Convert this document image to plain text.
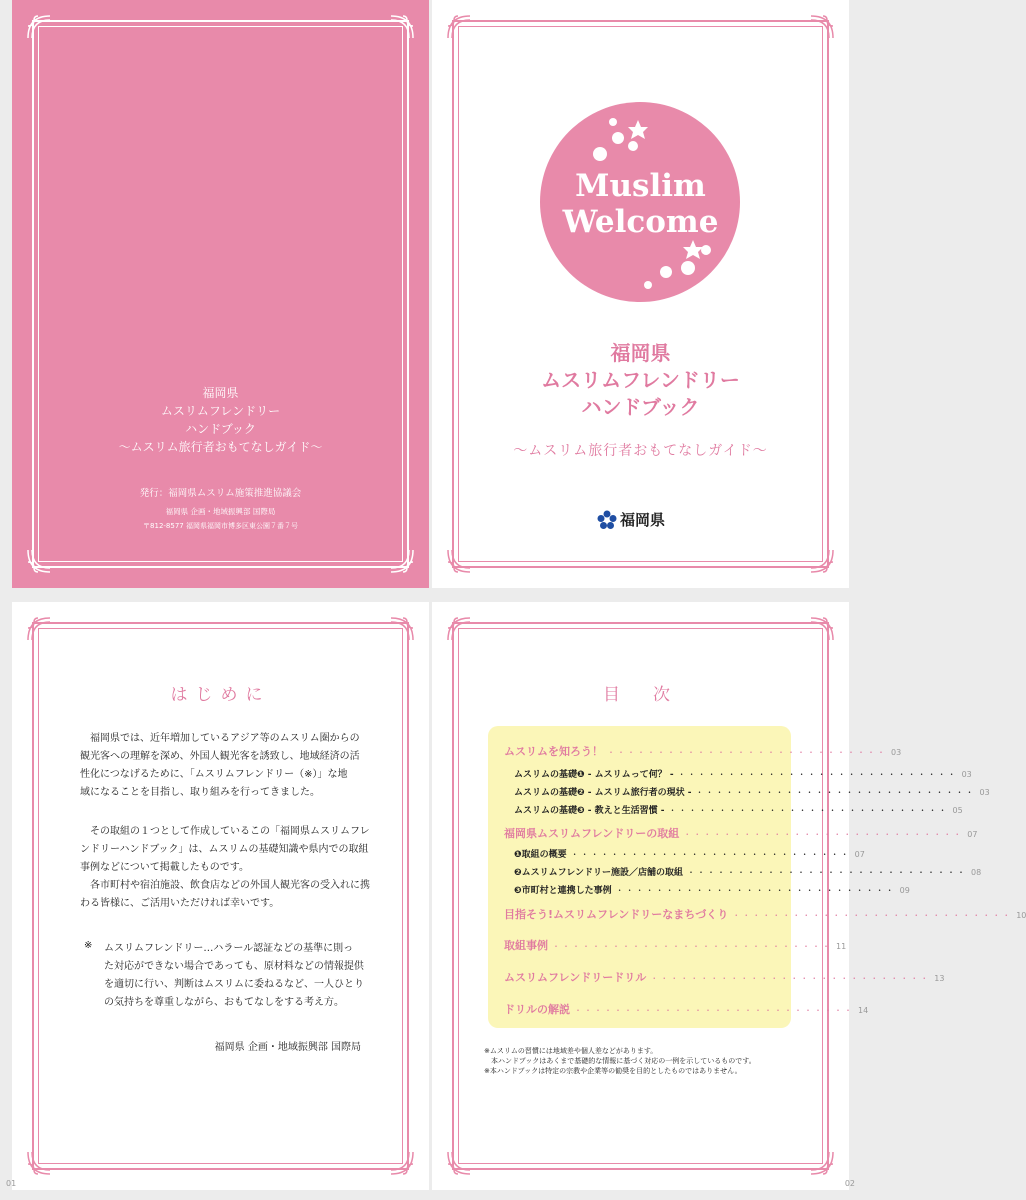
福岡県
ムスリムフレンドリー
ハンドブック
～ムスリム旅行者おもてなしガイド～
発行：福岡県ムスリム施策推進協議会
福岡県 企画・地域振興部 国際局
〒812-8577 福岡県福岡市博多区東公園７番７号
Muslim
Welcome
福岡県
ムスリムフレンドリー
ハンドブック
～ムスリム旅行者おもてなしガイド～
福岡県
はじめに
　福岡県では、近年増加しているアジア等のムスリム圏からの
観光客への理解を深め、外国人観光客を誘致し、地域経済の活
性化につなげるために、「ムスリムフレンドリー（※）」な地
域になることを目指し、取り組みを行ってきました。
　その取組の１つとして作成しているこの「福岡県ムスリムフレ
ンドリーハンドブック」は、ムスリムの基礎知識や県内での取組
事例などについて掲載したものです。
　各市町村や宿泊施設、飲食店などの外国人観光客の受入れに携
わる皆様に、ご活用いただければ幸いです。
※ ムスリムフレンドリー…ハラール認証などの基準に則っ
た対応ができない場合であっても、原材料などの情報提供
を適切に行い、判断はムスリムに委ねるなど、一人ひとり
の気持ちを尊重しながら、おもてなしをする考え方。
福岡県 企画・地域振興部 国際局
01
目　次
ムスリムを知ろう！ ・・・・・・・・・・・・・・・・・・・・・・・・・・・・ 03
ムスリムの基礎❶ - ムスリムって何？ - ・・・・・・・・・・・・・・・・・・・・・・・・・・・・ 03
ムスリムの基礎❷ - ムスリム旅行者の現状 - ・・・・・・・・・・・・・・・・・・・・・・・・・・・・ 03
ムスリムの基礎❸ - 教えと生活習慣 - ・・・・・・・・・・・・・・・・・・・・・・・・・・・・ 05
福岡県ムスリムフレンドリーの取組 ・・・・・・・・・・・・・・・・・・・・・・・・・・・・ 07
❶取組の概要 ・・・・・・・・・・・・・・・・・・・・・・・・・・・・ 07
❷ムスリムフレンドリー施設／店舗の取組 ・・・・・・・・・・・・・・・・・・・・・・・・・・・・ 08
❸市町村と連携した事例 ・・・・・・・・・・・・・・・・・・・・・・・・・・・・ 09
目指そう!ムスリムフレンドリーなまちづくり ・・・・・・・・・・・・・・・・・・・・・・・・・・・・ 10
取組事例 ・・・・・・・・・・・・・・・・・・・・・・・・・・・・ 11
ムスリムフレンドリードリル ・・・・・・・・・・・・・・・・・・・・・・・・・・・・ 13
ドリルの解説 ・・・・・・・・・・・・・・・・・・・・・・・・・・・・ 14
※ムスリムの習慣には地域差や個人差などがあります。
　本ハンドブックはあくまで基礎的な情報に基づく対応の一例を示しているものです。
※本ハンドブックは特定の宗教や企業等の勧奨を目的としたものではありません。
02
